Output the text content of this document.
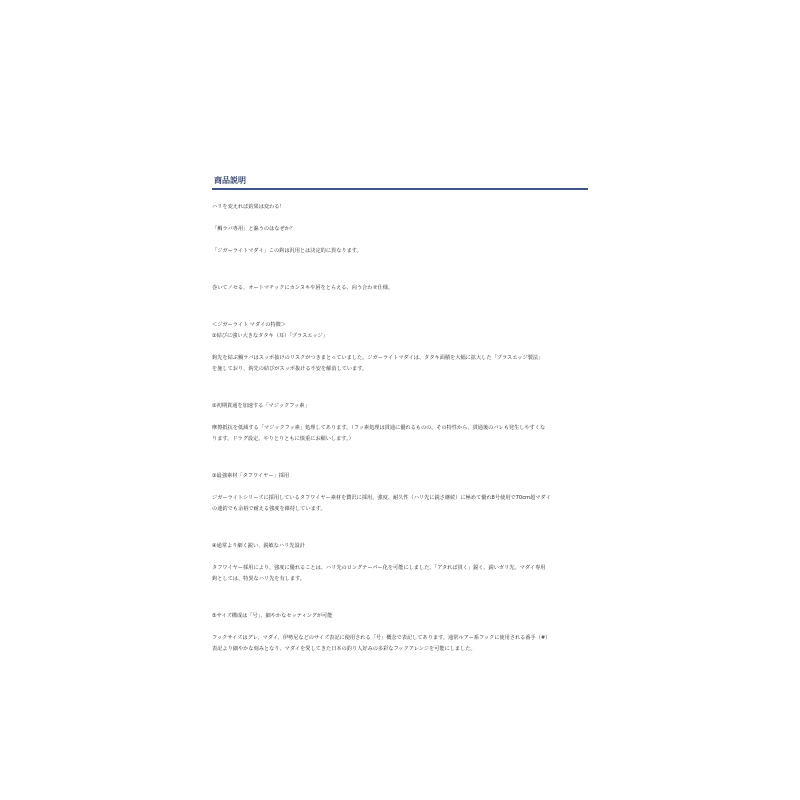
商品説明

ハリを変えれば釣果は変わる！

「鯛ラバ専用」と謳うのはなぜか？

「ジガーライトマダイ」この鈎は汎用とは決定的に異なります。

巻いてノセる、オートマチックにカンヌキや唇をとらえる、向う合わせ仕様。

＜ジガーライト マダイの特徴＞

①結びに強い大きなタタキ（耳）「プラスエッジ」

鈎先を結ぶ鯛ラバはスッポ抜けのリスクがつきまとっていました。ジガーライトマダイは、タタキ面積を大幅に拡大した「プラスエッジ製法」

を施しており、鈎先の結びがスッポ抜ける不安を解消しています。

②初期貫通を加速する「マジックフッ素」

摩擦抵抗を低減する「マジックフッ素」処理してあります。（フッ素処理は貫通に優れるものの、その特性から、貫通後のバレも発生しやすくな

ります。ドラグ設定、やりとりともに慎重にお願いします。）

③最強素材「タフワイヤー」採用

ジガーライトシリーズに採用しているタフワイヤー素材を贅沢に採用。強度、耐久性（ハリ先に鋭さ継続）に極めて優れ8号使用で70cm超マダイ

の連釣でも余裕で耐える強度を維持しています。

④通常より細く鋭い、鋭敏なハリ先設計

タフワイヤー採用により、強度に優れることは、ハリ先のロングテーパー化を可能にしました。「アタれば貫く」鋭く、鋭いガリ先。マダイ専用

鈎としては、特異なハリ先を有します。

⑤サイズ構成は「号」、細やかなセッティングが可能

フックサイズはグレ、マダイ、伊勢尼などのサイズ表記に使用される「号」概念で表記してあります。通常ルアー系フックに使用される番手（#）

表記より細やかな刻みとなり、マダイを愛してきた日本の釣り人好みの多彩なフックアレンジを可能にしました。
